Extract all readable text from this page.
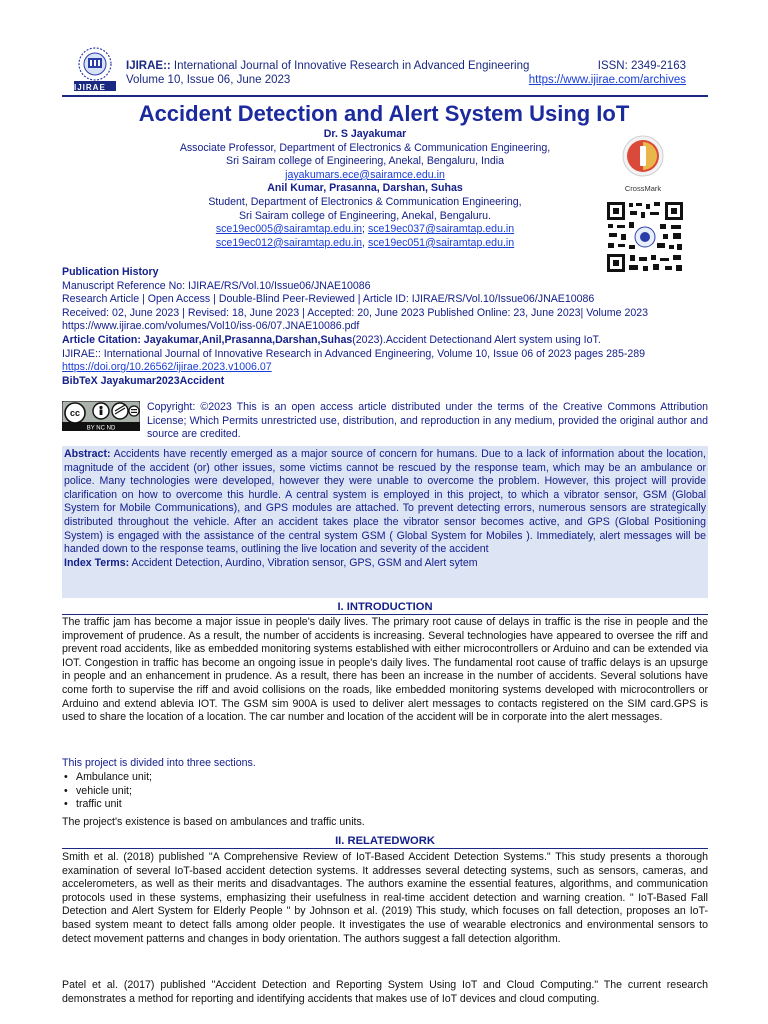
IJIRAE
IJIRAE:: International Journal of Innovative Research in Advanced Engineering
Volume 10, Issue 06, June 2023
ISSN: 2349-2163
https://www.ijirae.com/archives
Accident Detection and Alert System Using IoT
Dr. S Jayakumar
Associate Professor, Department of Electronics & Communication Engineering,
Sri Sairam college of Engineering, Anekal, Bengaluru, India
jayakumars.ece@sairamce.edu.in
Anil Kumar, Prasanna, Darshan, Suhas
Student, Department of Electronics & Communication Engineering,
Sri Sairam college of Engineering, Anekal, Bengaluru.
sce19ec005@sairamtap.edu.in; sce19ec037@sairamtap.edu.in
sce19ec012@sairamtap.edu.in, sce19ec051@sairamtap.edu.in
CrossMark
Publication History
Manuscript Reference No: IJIRAE/RS/Vol.10/Issue06/JNAE10086
Research Article | Open Access | Double-Blind Peer-Reviewed | Article ID: IJIRAE/RS/Vol.10/Issue06/JNAE10086
Received: 02, June 2023 | Revised: 18, June 2023 | Accepted: 20, June 2023 Published Online: 23, June 2023| Volume 2023
https://www.ijirae.com/volumes/Vol10/iss-06/07.JNAE10086.pdf
Article Citation: Jayakumar,Anil,Prasanna,Darshan,Suhas(2023).Accident Detectionand Alert system using IoT.
IJIRAE:: International Journal of Innovative Research in Advanced Engineering, Volume 10, Issue 06 of 2023 pages 285-289
https://doi.org/10.26562/ijirae.2023.v1006.07
BibTeX Jayakumar2023Accident
BY NC ND
cc	Copyright: ©2023 This is an open access article distributed under the terms of the Creative Commons Attribution License; Which Permits unrestricted use, distribution, and reproduction in any medium, provided the original author and source are credited.
Abstract: Accidents have recently emerged as a major source of concern for humans. Due to a lack of information about the location, magnitude of the accident (or) other issues, some victims cannot be rescued by the response team, which may be an ambulance or police. Many technologies were developed, however they were unable to overcome the problem. However, this project will provide clarification on how to overcome this hurdle. A central system is employed in this project, to which a vibrator sensor, GSM (Global System for Mobile Communications), and GPS modules are attached. To prevent detecting errors, numerous sensors are strategically distributed throughout the vehicle. After an accident takes place the vibrator sensor becomes active, and GPS (Global Positioning System) is engaged with the assistance of the central system GSM ( Global System for Mobiles ). Immediately, alert messages will be handed down to the response teams, outlining the live location and severity of the accident
Index Terms: Accident Detection, Aurdino, Vibration sensor, GPS, GSM and Alert sytem
I. INTRODUCTION
The traffic jam has become a major issue in people's daily lives. The primary root cause of delays in traffic is the rise in people and the improvement of prudence. As a result, the number of accidents is increasing. Several technologies have appeared to oversee the riff and prevent road accidents, like as embedded monitoring systems established with either microcontrollers or Arduino and can be extended via IOT. Congestion in traffic has become an ongoing issue in people's daily lives. The fundamental root cause of traffic delays is an upsurge in people and an enhancement in prudence. As a result, there has been an increase in the number of accidents. Several solutions have come forth to supervise the riff and avoid collisions on the roads, like embedded monitoring systems developed with microcontrollers or Arduino and extend ablevia IOT. The GSM sim 900A is used to deliver alert messages to contacts registered on the SIM card.GPS is used to share the location of a location. The car number and location of the accident will be in corporate into the alert messages.
This project is divided into three sections.
• Ambulance unit;
• vehicle unit;
• traffic unit
The project's existence is based on ambulances and traffic units.
II. RELATEDWORK
Smith et al. (2018) published "A Comprehensive Review of IoT-Based Accident Detection Systems." This study presents a thorough examination of several IoT-based accident detection systems. It addresses several detecting systems, such as sensors, cameras, and accelerometers, as well as their merits and disadvantages. The authors examine the essential features, algorithms, and communication protocols used in these systems, emphasizing their usefulness in real-time accident detection and warning creation. " IoT-Based Fall Detection and Alert System for Elderly People " by Johnson et al. (2019) This study, which focuses on fall detection, proposes an IoT-based system meant to detect falls among older people. It investigates the use of wearable electronics and environmental sensors to detect movement patterns and changes in body orientation. The authors suggest a fall detection algorithm.
Patel et al. (2017) published "Accident Detection and Reporting System Using IoT and Cloud Computing." The current research demonstrates a method for reporting and identifying accidents that makes use of IoT devices and cloud computing.
